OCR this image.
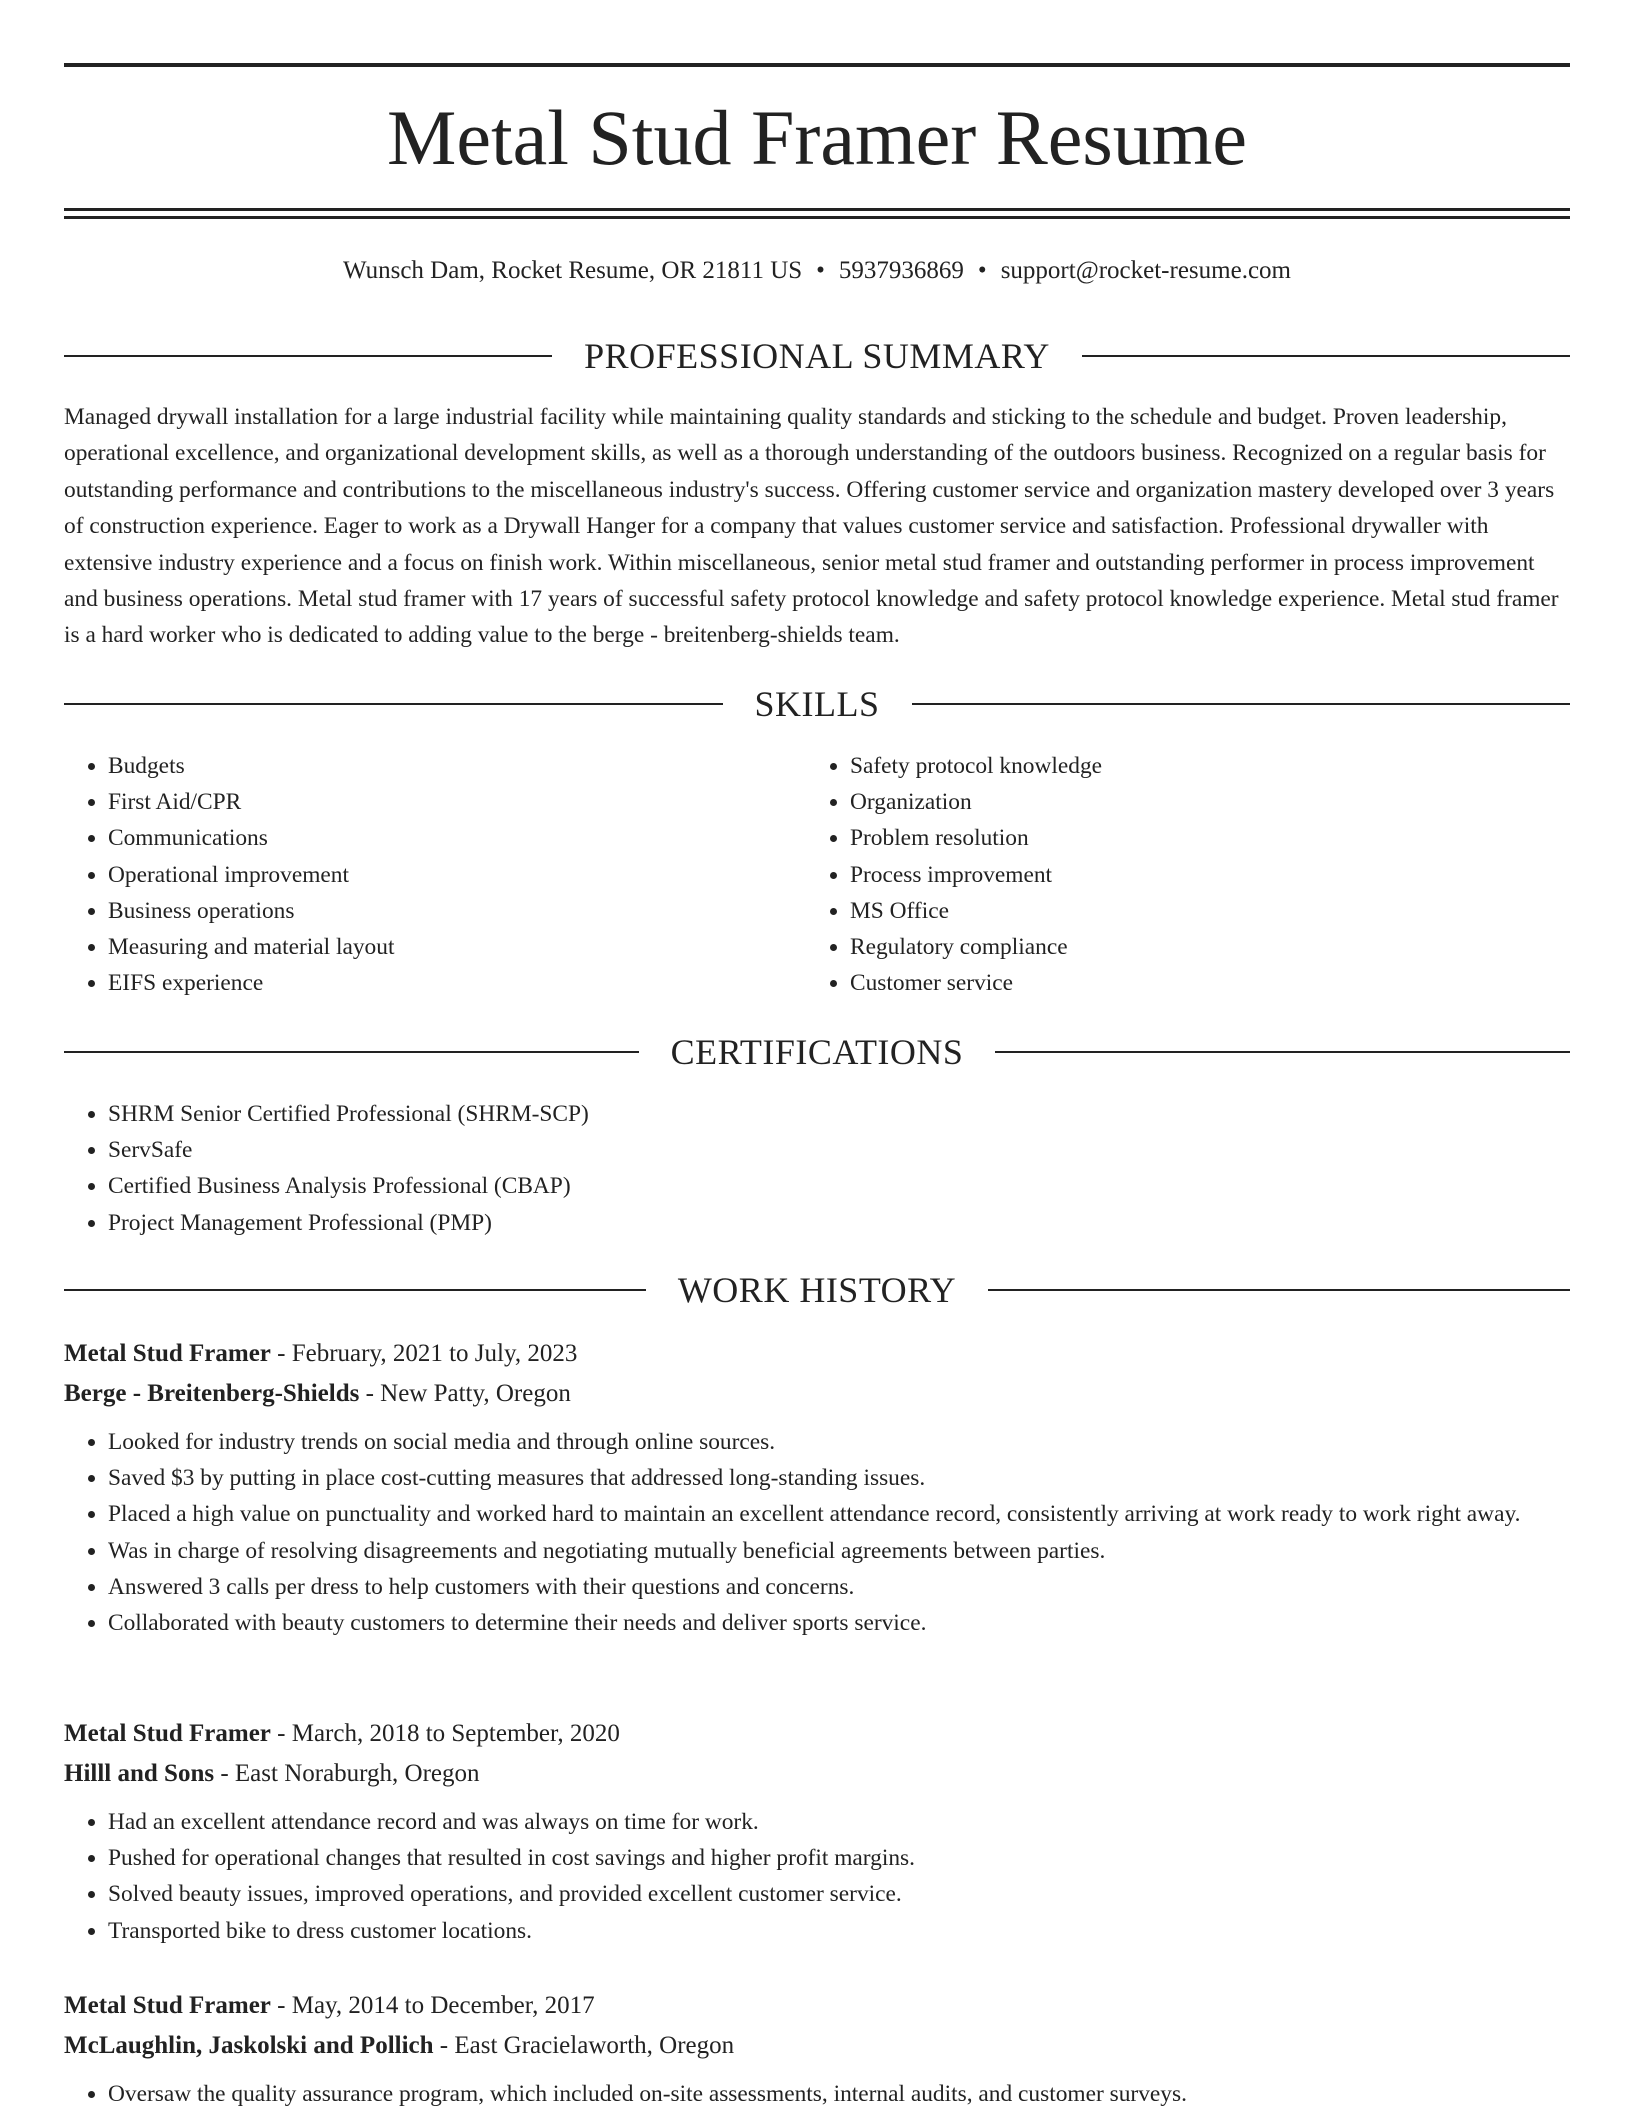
Metal Stud Framer Resume
Wunsch Dam, Rocket Resume, OR 21811 US • 5937936869 • support@rocket-resume.com
PROFESSIONAL SUMMARY

Managed drywall installation for a large industrial facility while maintaining quality standards and sticking to the schedule and budget. Proven leadership, operational excellence, and organizational development skills, as well as a thorough understanding of the outdoors business. Recognized on a regular basis for outstanding performance and contributions to the miscellaneous industry's success. Offering customer service and organization mastery developed over 3 years of construction experience. Eager to work as a Drywall Hanger for a company that values customer service and satisfaction. Professional drywaller with extensive industry experience and a focus on finish work. Within miscellaneous, senior metal stud framer and outstanding performer in process improvement and business operations. Metal stud framer with 17 years of successful safety protocol knowledge and safety protocol knowledge experience. Metal stud framer is a hard worker who is dedicated to adding value to the berge - breitenberg-shields team.

SKILLS
• Budgets
• First Aid/CPR
• Communications
• Operational improvement
• Business operations
• Measuring and material layout
• EIFS experience
• Safety protocol knowledge
• Organization
• Problem resolution
• Process improvement
• MS Office
• Regulatory compliance
• Customer service
CERTIFICATIONS
• SHRM Senior Certified Professional (SHRM-SCP)
• ServSafe
• Certified Business Analysis Professional (CBAP)
• Project Management Professional (PMP)
WORK HISTORY
Metal Stud Framer - February, 2021 to July, 2023
Berge - Breitenberg-Shields - New Patty, Oregon
• Looked for industry trends on social media and through online sources.
• Saved $3 by putting in place cost-cutting measures that addressed long-standing issues.
• Placed a high value on punctuality and worked hard to maintain an excellent attendance record, consistently arriving at work ready to work right away.
• Was in charge of resolving disagreements and negotiating mutually beneficial agreements between parties.
• Answered 3 calls per dress to help customers with their questions and concerns.
• Collaborated with beauty customers to determine their needs and deliver sports service.
Metal Stud Framer - March, 2018 to September, 2020
Hilll and Sons - East Noraburgh, Oregon
• Had an excellent attendance record and was always on time for work.
• Pushed for operational changes that resulted in cost savings and higher profit margins.
• Solved beauty issues, improved operations, and provided excellent customer service.
• Transported bike to dress customer locations.
Metal Stud Framer - May, 2014 to December, 2017
McLaughlin, Jaskolski and Pollich - East Gracielaworth, Oregon
• Oversaw the quality assurance program, which included on-site assessments, internal audits, and customer surveys.
